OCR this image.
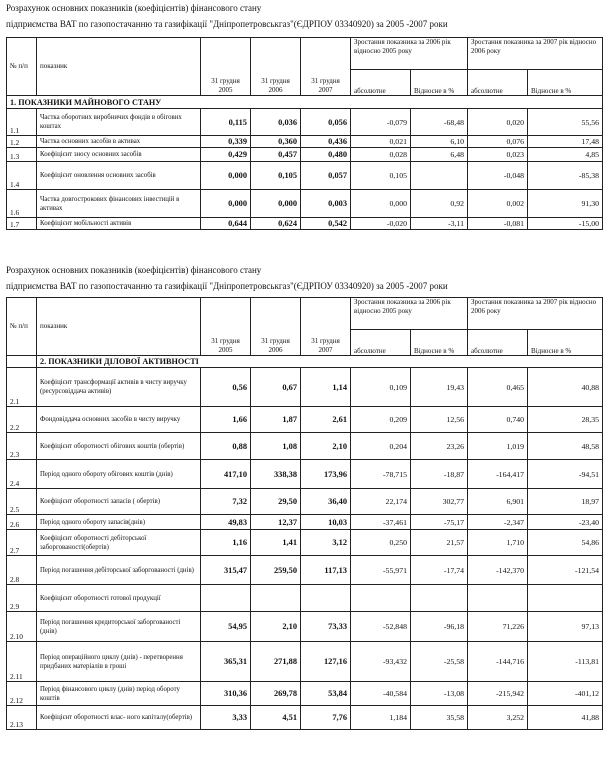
Розрахунок основних показників (коефіцієнтів) фінансового стану
підприємства ВАТ по газопостачанню та газифікації "Дніпропетровськгаз"(ЄДРПОУ 03340920) за 2005 -2007 роки
№ п/п	показник	31 грудня 2005	31 грудня 2006	31 грудня 2007	Зростання показника за 2006 рік відносно 2005 року		Зростання показника за 2007 рік відносно 2006 року	
					абсолютне	Відносне в %	абсолютне	Відносне в %
1. ПОКАЗНИКИ МАЙНОВОГО СТАНУ								
1.1	Частка оборотних виробничих фондів в обігових коштах	0,115	0,036	0,056	-0,079	-68,48	0,020	55,56
1.2	Частка основних засобів в активах	0,339	0,360	0,436	0,021	6,10	0,076	17,48
1.3	Коефіцієнт зносу основних засобів	0,429	0,457	0,480	0,028	6,48	0,023	4,85
1.4	Коефіцієнт оновлення основних засобів	0,000	0,105	0,057	0,105		-0,048	-85,38
1.6	Частка довгострокових фінансових інвестицій в активах	0,000	0,000	0,003	0,000	0,92	0,002	91,30
1.7	Коефіцієнт мобільності активів	0,644	0,624	0,542	-0,020	-3,11	-0,081	-15,00
Розрахунок основних показників (коефіцієнтів) фінансового стану
підприємства ВАТ по газопостачанню та газифікації "Дніпропетровськгаз"(ЄДРПОУ 03340920) за 2005 -2007 роки
№ п/п	показник	31 грудня 2005	31 грудня 2006	31 грудня 2007	Зростання показника за 2006 рік відносно 2005 року		Зростання показника за 2007 рік відносно 2006 року	
					абсолютне	Відносне в %	абсолютне	Відносне в %
	2. ПОКАЗНИКИ ДІЛОВОЇ АКТИВНОСТІ							
2.1	Коефіцієнт трансформації активів в чисту виручку (ресурсовіддача активів)	0,56	0,67	1,14	0,109	19,43	0,465	40,88
2.2	Фондовіддача основних засобів в чисту виручку	1,66	1,87	2,61	0,209	12,56	0,740	28,35
2.3	Коефіцієнт оборотності обігових коштів (обертів)	0,88	1,08	2,10	0,204	23,26	1,019	48,58
2.4	Період одного обороту обігових коштів (днів)	417,10	338,38	173,96	-78,715	-18,87	-164,417	-94,51
2.5	Коефіцієнт оборотності запасів ( обертів)	7,32	29,50	36,40	22,174	302,77	6,901	18,97
2.6	Період одного обороту запасів(днів)	49,83	12,37	10,03	-37,461	-75,17	-2,347	-23,40
2.7	Коефіцієнт оборотності дебіторської заборгованості(обертів)	1,16	1,41	3,12	0,250	21,57	1,710	54,86
2.8	Період погашення дебіторської заборгованості (днів)	315,47	259,50	117,13	-55,971	-17,74	-142,370	-121,54
2.9	Коефіцієнт оборотності готової продукції							
2.10	Період погашення кредиторської заборгованості (днів)	54,95	2,10	73,33	-52,848	-96,18	71,226	97,13
2.11	Період операційного циклу (днів) - перетворення придбаних матеріалів в гроші	365,31	271,88	127,16	-93,432	-25,58	-144,716	-113,81
2.12	Період фінансового циклу (днів) період обороту коштів	310,36	269,78	53,84	-40,584	-13,08	-215,942	-401,12
2.13	Коефіцієнт оборотності влас- ного капіталу(обертів)	3,33	4,51	7,76	1,184	35,58	3,252	41,88
